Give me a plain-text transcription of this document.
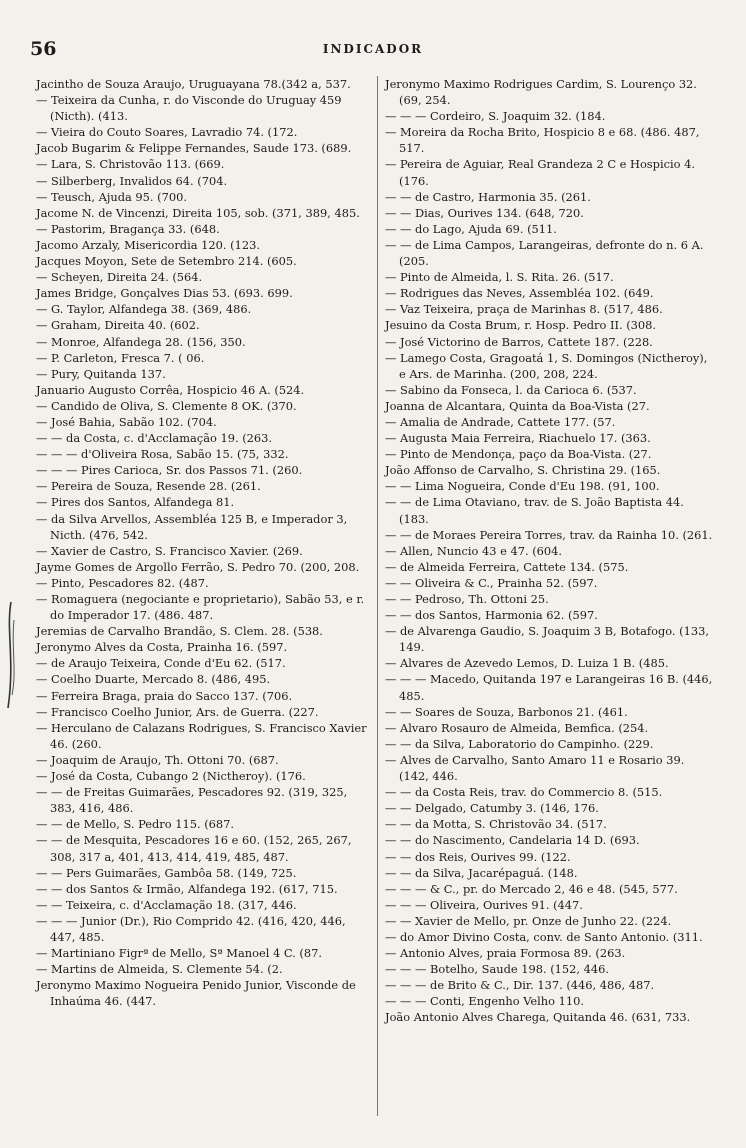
56	INDICADOR

Jacintho de Souza Araujo, Uruguayana 78.(342 a, 537.

— Teixeira da Cunha, r. do Visconde do Uruguay 459 (Nicth). (413.

— Vieira do Couto Soares, Lavradio 74. (172.

Jacob Bugarim & Felippe Fernandes, Saude 173. (689.

— Lara, S. Christovão 113. (669.

— Silberberg, Invalidos 64. (704.

— Teusch, Ajuda 95. (700.

Jacome N. de Vincenzi, Direita 105, sob. (371, 389, 485.

— Pastorim, Bragança 33. (648.

Jacomo Arzaly, Misericordia 120. (123.

Jacques Moyon, Sete de Setembro 214. (605.

— Scheyen, Direita 24. (564.

James Bridge, Gonçalves Dias 53. (693. 699.

— G. Taylor, Alfandega 38. (369, 486.

— Graham, Direita 40. (602.

— Monroe, Alfandega 28. (156, 350.

— P. Carleton, Fresca 7. ( 06.

— Pury, Quitanda 137.

Januario Augusto Corrêa, Hospicio 46 A. (524.

— Candido de Oliva, S. Clemente 8 OK. (370.

— José Bahia, Sabão 102. (704.

— — da Costa, c. d'Acclamação 19. (263.

— — — d'Oliveira Rosa, Sabão 15. (75, 332.

— — — Pires Carioca, Sr. dos Passos 71. (260.

— Pereira de Souza, Resende 28. (261.

— Pires dos Santos, Alfandega 81.

— da Silva Arvellos, Assembléa 125 B, e Imperador 3, Nicth. (476, 542.

— Xavier de Castro, S. Francisco Xavier. (269.

Jayme Gomes de Argollo Ferrão, S. Pedro 70. (200, 208.

— Pinto, Pescadores 82. (487.

— Romaguera (negociante e proprietario), Sabão 53, e r. do Imperador 17. (486. 487.

Jeremias de Carvalho Brandão, S. Clem. 28. (538.

Jeronymo Alves da Costa, Prainha 16. (597.

— de Araujo Teixeira, Conde d'Eu 62. (517.

— Coelho Duarte, Mercado 8. (486, 495.

— Ferreira Braga, praia do Sacco 137. (706.

— Francisco Coelho Junior, Ars. de Guerra. (227.

— Herculano de Calazans Rodrigues, S. Francisco Xavier 46. (260.

— Joaquim de Araujo, Th. Ottoni 70. (687.

— José da Costa, Cubango 2 (Nictheroy). (176.

— — de Freitas Guimarães, Pescadores 92. (319, 325, 383, 416, 486.

— — de Mello, S. Pedro 115. (687.

— — de Mesquita, Pescadores 16 e 60. (152, 265, 267, 308, 317 a, 401, 413, 414, 419, 485, 487.

— — Pers Guimarães, Gambôa 58. (149, 725.

— — dos Santos & Irmão, Alfandega 192. (617, 715.

— — Teixeira, c. d'Acclamação 18. (317, 446.

— — — Junior (Dr.), Rio Comprido 42. (416, 420, 446, 447, 485.

— Martiniano Figrª de Mello, Sª Manoel 4 C. (87.

— Martins de Almeida, S. Clemente 54. (2.

Jeronymo Maximo Nogueira Penido Junior, Visconde de Inhaúma 46. (447.

Jeronymo Maximo Rodrigues Cardim, S. Lourenço 32. (69, 254.

— — — Cordeiro, S. Joaquim 32. (184.

— Moreira da Rocha Brito, Hospicio 8 e 68. (486. 487, 517.

— Pereira de Aguiar, Real Grandeza 2 C e Hospicio 4. (176.

— — de Castro, Harmonia 35. (261.

— — Dias, Ourives 134. (648, 720.

— — do Lago, Ajuda 69. (511.

— — de Lima Campos, Larangeiras, defronte do n. 6 A. (205.

— Pinto de Almeida, l. S. Rita. 26. (517.

— Rodrigues das Neves, Assembléa 102. (649.

— Vaz Teixeira, praça de Marinhas 8. (517, 486.

Jesuino da Costa Brum, r. Hosp. Pedro II. (308.

— José Victorino de Barros, Cattete 187. (228.

— Lamego Costa, Gragoatá 1, S. Domingos (Nictheroy), e Ars. de Marinha. (200, 208, 224.

— Sabino da Fonseca, l. da Carioca 6. (537.

Joanna de Alcantara, Quinta da Boa-Vista (27.

— Amalia de Andrade, Cattete 177. (57.

— Augusta Maia Ferreira, Riachuelo 17. (363.

— Pinto de Mendonça, paço da Boa-Vista. (27.

João Affonso de Carvalho, S. Christina 29. (165.

— — Lima Nogueira, Conde d'Eu 198. (91, 100.

— — de Lima Otaviano, trav. de S. João Baptista 44. (183.

— — de Moraes Pereira Torres, trav. da Rainha 10. (261.

— Allen, Nuncio 43 e 47. (604.

— de Almeida Ferreira, Cattete 134. (575.

— — Oliveira & C., Prainha 52. (597.

— — Pedroso, Th. Ottoni 25.

— — dos Santos, Harmonia 62. (597.

— de Alvarenga Gaudio, S. Joaquim 3 B, Botafogo. (133, 149.

— Alvares de Azevedo Lemos, D. Luiza 1 B. (485.

— — — Macedo, Quitanda 197 e Larangeiras 16 B. (446, 485.

— — Soares de Souza, Barbonos 21. (461.

— Alvaro Rosauro de Almeida, Bemfica. (254.

— — da Silva, Laboratorio do Campinho. (229.

— Alves de Carvalho, Santo Amaro 11 e Rosario 39. (142, 446.

— — da Costa Reis, trav. do Commercio 8. (515.

— — Delgado, Catumby 3. (146, 176.

— — da Motta, S. Christovão 34. (517.

— — do Nascimento, Candelaria 14 D. (693.

— — dos Reis, Ourives 99. (122.

— — da Silva, Jacarépaguá. (148.

— — — & C., pr. do Mercado 2, 46 e 48. (545, 577.

— — — Oliveira, Ourives 91. (447.

— — Xavier de Mello, pr. Onze de Junho 22. (224.

— do Amor Divino Costa, conv. de Santo Antonio. (311.

— Antonio Alves, praia Formosa 89. (263.

— — — Botelho, Saude 198. (152, 446.

— — — de Brito & C., Dir. 137. (446, 486, 487.

— — — Conti, Engenho Velho 110.

João Antonio Alves Charega, Quitanda 46. (631, 733.
